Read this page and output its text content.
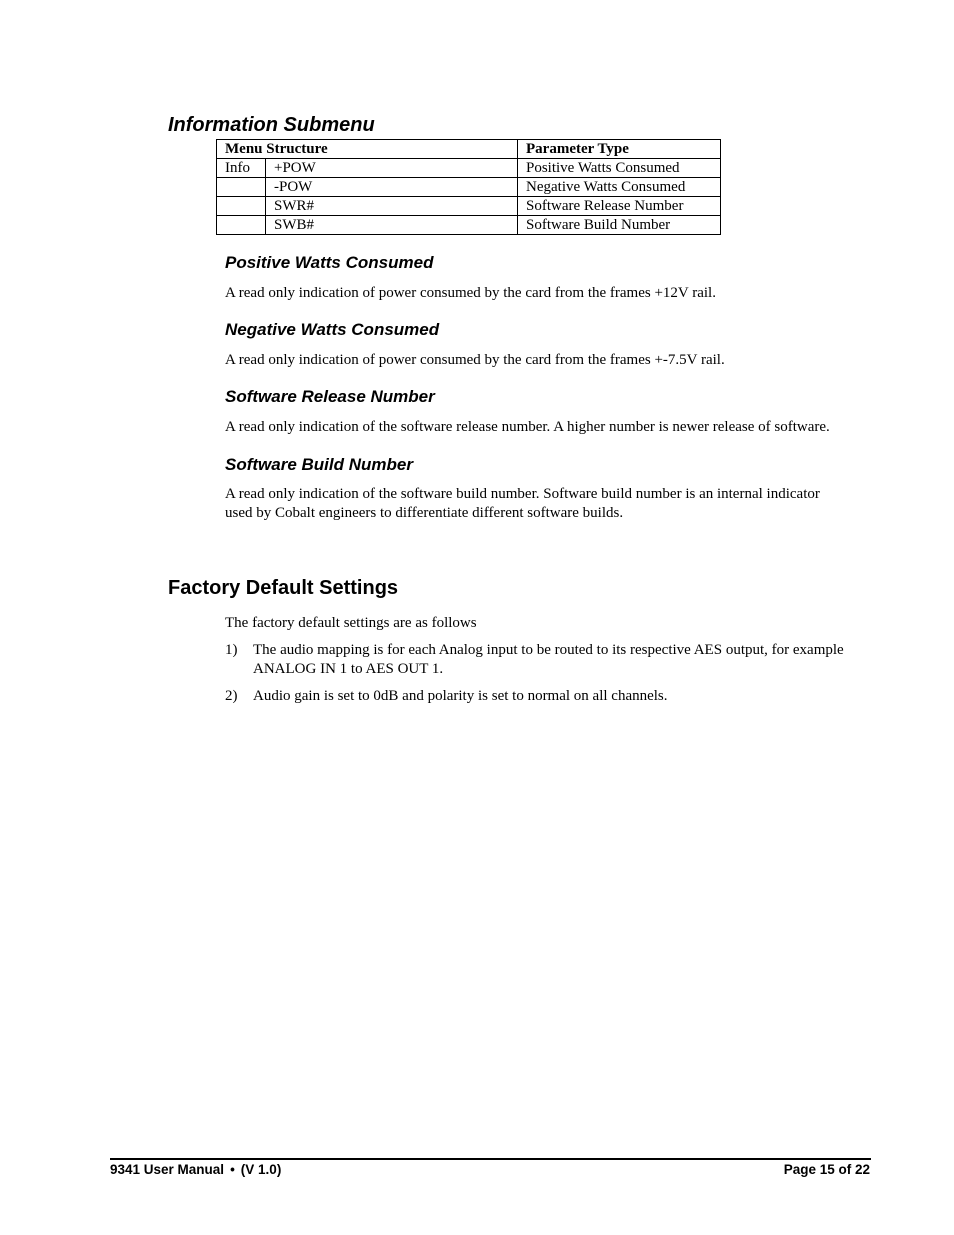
Information Submenu
Menu Structure		Parameter Type
Info	+POW	Positive Watts Consumed
	-POW	Negative Watts Consumed
	SWR#	Software Release Number
	SWB#	Software Build Number
Positive Watts Consumed

A read only indication of power consumed by the card from the frames +12V rail.

Negative Watts Consumed

A read only indication of power consumed by the card from the frames +-7.5V rail.

Software Release Number

A read only indication of the software release number. A higher number is newer release of software.

Software Build Number

A read only indication of the software build number. Software build number is an internal indicator

used by Cobalt engineers to differentiate different software builds.

Factory Default Settings

The factory default settings are as follows

1) The audio mapping is for each Analog input to be routed to its respective AES output, for example
ANALOG IN 1 to AES OUT 1.
2) Audio gain is set to 0dB and polarity is set to normal on all channels.
9341 User Manual • (V 1.0)	Page 15 of 22
